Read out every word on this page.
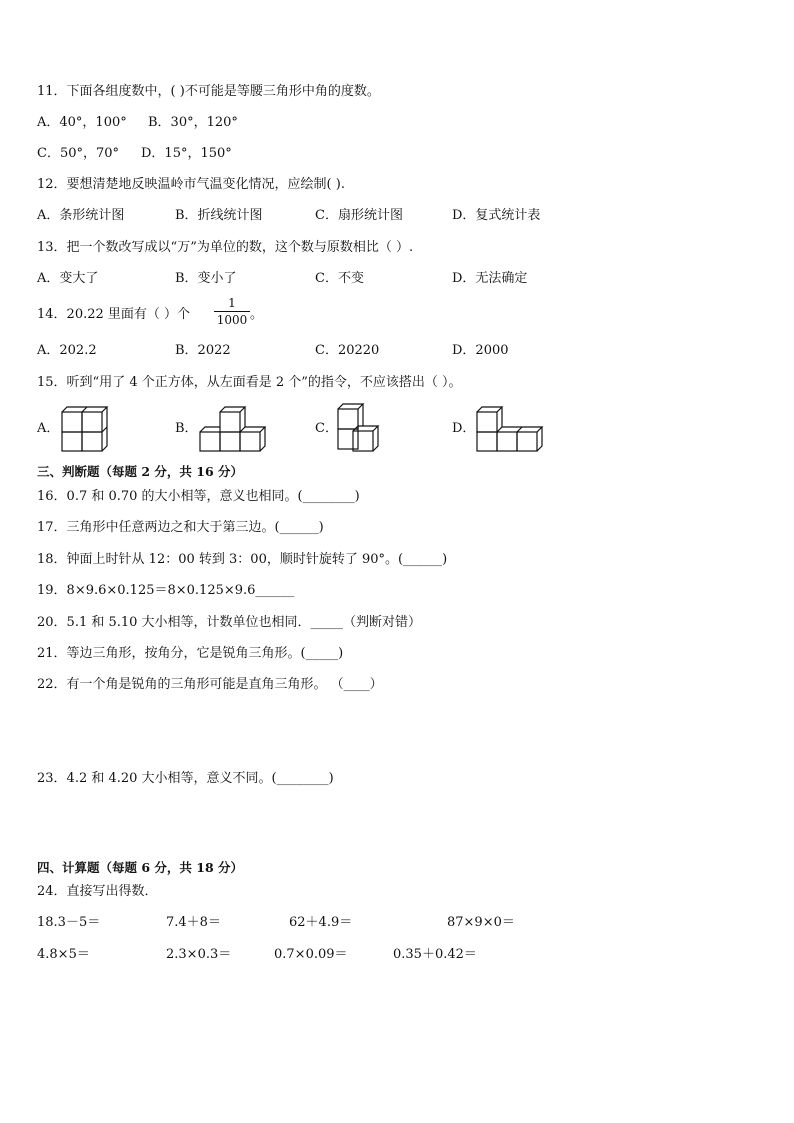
11．下面各组度数中，( )不可能是等腰三角形中角的度数。
A．40°，100° B．30°，120°
C．50°，70° D．15°，150°
12．要想清楚地反映温岭市气温变化情况，应绘制( ).
A．条形统计图	B．折线统计图	C．扇形统计图	D．复式统计表
13．把一个数改写成以“万”为单位的数，这个数与原数相比（ ）.
A．变大了	B．变小了	C．不变	D．无法确定
14．20.22 里面有（ ）个
1
1000 。
A．202.2	B．2022	C．20220	D．2000
15．听到“用了 4 个正方体，从左面看是 2 个”的指令，不应该搭出（ ）。
A．	B．	C．	D．
三、判断题（每题 2 分，共 16 分）
16．0.7 和 0.70 的大小相等，意义也相同。(________)
17．三角形中任意两边之和大于第三边。(______)
18．钟面上时针从 12：00 转到 3：00，顺时针旋转了 90°。(______)
19．8×9.6×0.125＝8×0.125×9.6______
20．5.1 和 5.10 大小相等，计数单位也相同．_____（判断对错）
21．等边三角形，按角分，它是锐角三角形。(_____)
22．有一个角是锐角的三角形可能是直角三角形。 （____）
23．4.2 和 4.20 大小相等，意义不同。(________)
四、计算题（每题 6 分，共 18 分）
24．直接写出得数．
18.3－5＝	7.4＋8＝	62＋4.9＝	87×9×0＝
4.8×5＝	2.3×0.3＝	0.7×0.09＝	0.35＋0.42＝
